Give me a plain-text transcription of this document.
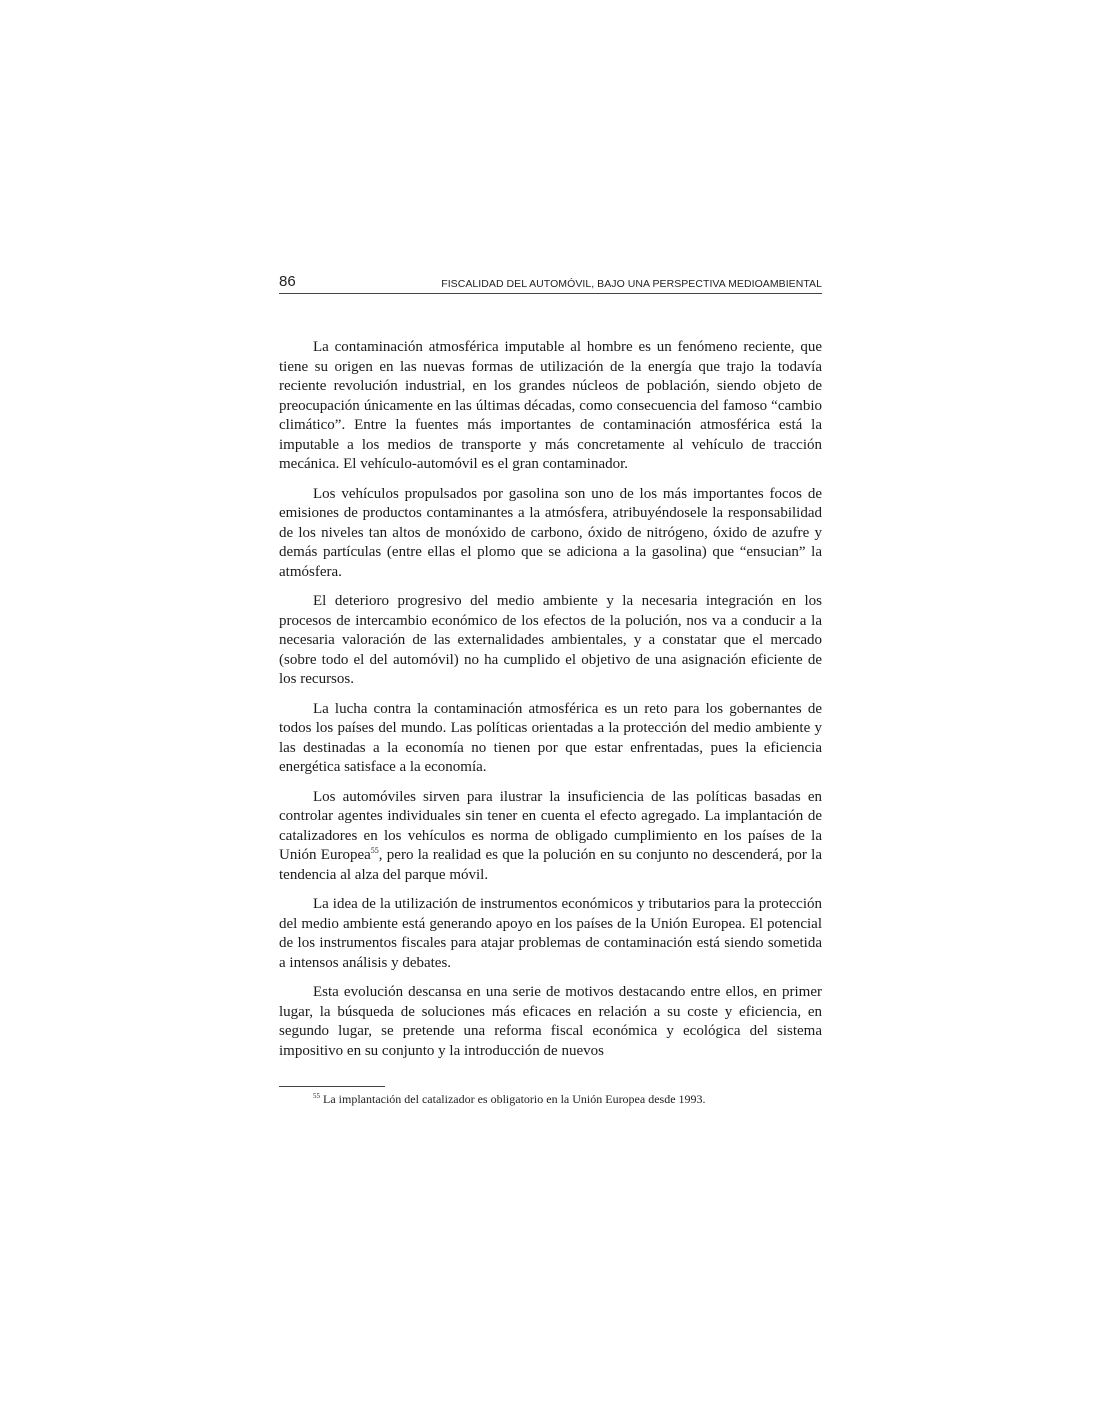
86	FISCALIDAD DEL AUTOMÓVIL, BAJO UNA PERSPECTIVA MEDIOAMBIENTAL

La contaminación atmosférica imputable al hombre es un fenómeno reciente, que tiene su origen en las nuevas formas de utilización de la energía que trajo la todavía reciente revolución industrial, en los grandes núcleos de población, siendo objeto de preocupación únicamente en las últimas décadas, como consecuencia del famoso “cambio climático”. Entre la fuentes más importantes de contaminación atmosférica está la imputable a los medios de transporte y más concretamente al vehículo de tracción mecánica. El vehículo-automóvil es el gran contaminador.

Los vehículos propulsados por gasolina son uno de los más importantes focos de emisiones de productos contaminantes a la atmósfera, atribuyéndosele la responsabilidad de los niveles tan altos de monóxido de carbono, óxido de nitrógeno, óxido de azufre y demás partículas (entre ellas el plomo que se adiciona a la gasolina) que “ensucian” la atmósfera.

El deterioro progresivo del medio ambiente y la necesaria integración en los procesos de intercambio económico de los efectos de la polución, nos va a conducir a la necesaria valoración de las externalidades ambientales, y a constatar que el mercado (sobre todo el del automóvil) no ha cumplido el objetivo de una asignación eficiente de los recursos.

La lucha contra la contaminación atmosférica es un reto para los gobernantes de todos los países del mundo. Las políticas orientadas a la protección del medio ambiente y las destinadas a la economía no tienen por que estar enfrentadas, pues la eficiencia energética satisface a la economía.

Los automóviles sirven para ilustrar la insuficiencia de las políticas basadas en controlar agentes individuales sin tener en cuenta el efecto agregado. La implantación de catalizadores en los vehículos es norma de obligado cumplimiento en los países de la Unión Europea$^{55}$, pero la realidad es que la polución en su conjunto no descenderá, por la tendencia al alza del parque móvil.

La idea de la utilización de instrumentos económicos y tributarios para la protección del medio ambiente está generando apoyo en los países de la Unión Europea. El potencial de los instrumentos fiscales para atajar problemas de contaminación está siendo sometida a intensos análisis y debates.

Esta evolución descansa en una serie de motivos destacando entre ellos, en primer lugar, la búsqueda de soluciones más eficaces en relación a su coste y eficiencia, en segundo lugar, se pretende una reforma fiscal económica y ecológica del sistema impositivo en su conjunto y la introducción de nuevos

$^{55}$ La implantación del catalizador es obligatorio en la Unión Europea desde 1993.
